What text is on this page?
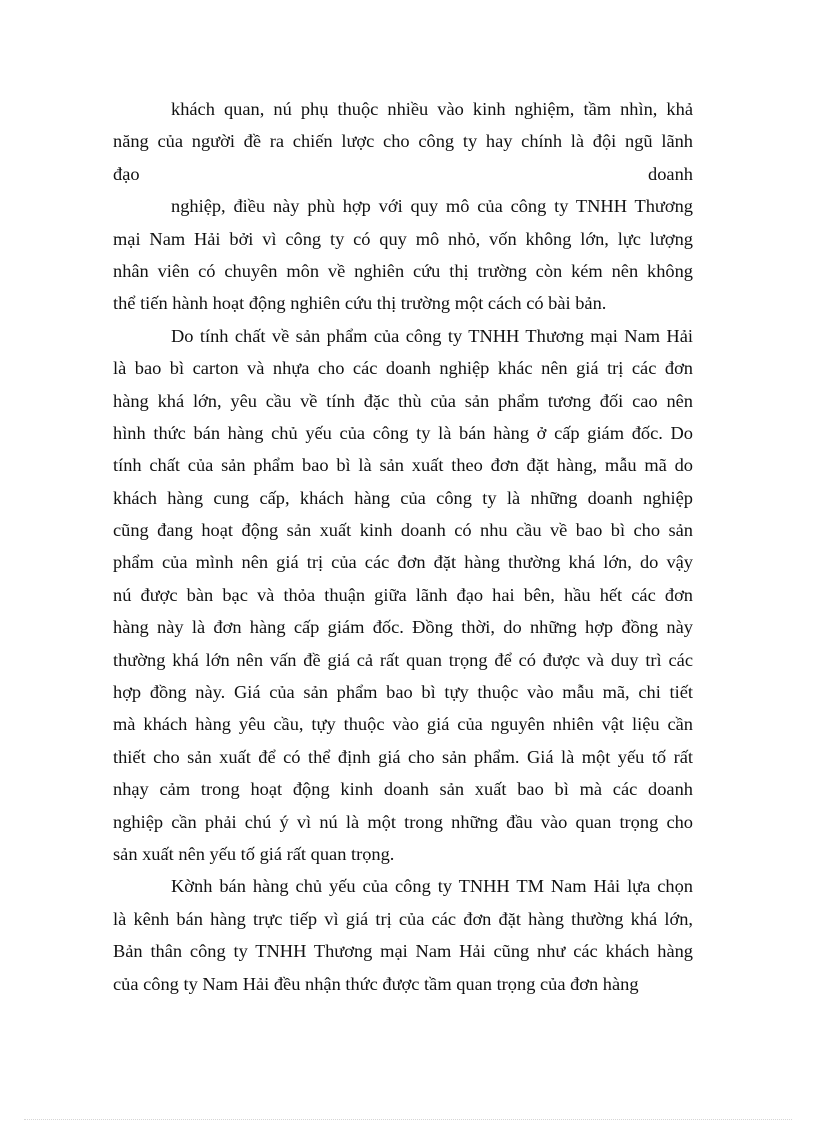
khách quan, nú phụ thuộc nhiều vào kinh nghiệm, tầm nhìn, khả
năng của người đề ra chiến lược cho công ty hay chính là đội ngũ lãnh
đạo doanh
nghiệp, điều này phù hợp với quy mô của công ty TNHH Thương
mại Nam Hải bởi vì công ty có quy mô nhỏ, vốn không lớn, lực lượng
nhân viên có chuyên môn về nghiên cứu thị trường còn kém nên không
thể tiến hành hoạt động nghiên cứu thị trường một cách có bài bản.
Do tính chất về sản phẩm của công ty TNHH Thương mại Nam Hải
là bao bì carton và nhựa cho các doanh nghiệp khác nên giá trị các đơn
hàng khá lớn, yêu cầu về tính đặc thù của sản phẩm tương đối cao nên
hình thức bán hàng chủ yếu của công ty là bán hàng ở cấp giám đốc. Do
tính chất của sản phẩm bao bì là sản xuất theo đơn đặt hàng, mẫu mã do
khách hàng cung cấp, khách hàng của công ty là những doanh nghiệp
cũng đang hoạt động sản xuất kinh doanh có nhu cầu về bao bì cho sản
phẩm của mình nên giá trị của các đơn đặt hàng thường khá lớn, do vậy
nú được bàn bạc và thỏa thuận giữa lãnh đạo hai bên, hầu hết các đơn
hàng này là đơn hàng cấp giám đốc. Đồng thời, do những hợp đồng này
thường khá lớn nên vấn đề giá cả rất quan trọng để có được và duy trì các
hợp đồng này. Giá của sản phẩm bao bì tựy thuộc vào mẫu mã, chi tiết
mà khách hàng yêu cầu, tựy thuộc vào giá của nguyên nhiên vật liệu cần
thiết cho sản xuất để có thể định giá cho sản phẩm. Giá là một yếu tố rất
nhạy cảm trong hoạt động kinh doanh sản xuất bao bì mà các doanh
nghiệp cần phải chú ý vì nú là một trong những đầu vào quan trọng cho
sản xuất nên yếu tố giá rất quan trọng.
Kờnh bán hàng chủ yếu của công ty TNHH TM Nam Hải lựa chọn
là kênh bán hàng trực tiếp vì giá trị của các đơn đặt hàng thường khá lớn,
Bản thân công ty TNHH Thương mại Nam Hải cũng như các khách hàng
của công ty Nam Hải đều nhận thức được tầm quan trọng của đơn hàng
